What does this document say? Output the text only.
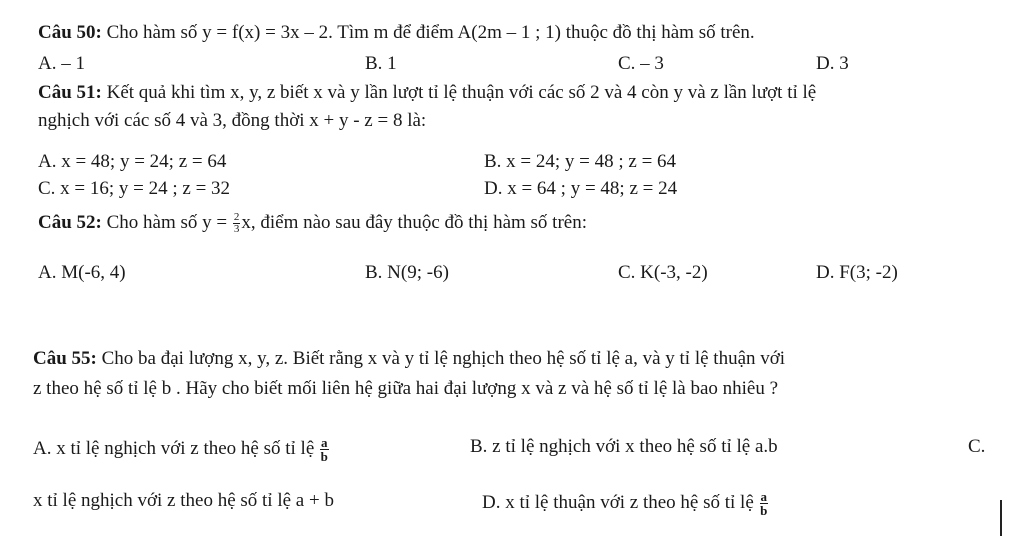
Câu 50: Cho hàm số y = f(x) = 3x – 2. Tìm m để điểm A(2m – 1 ; 1) thuộc đồ thị hàm số trên.
A. – 1	B. 1	C. – 3	D. 3
Câu 51: Kết quả khi tìm x, y, z biết x và y lần lượt tỉ lệ thuận với các số 2 và 4 còn y và z lần lượt tỉ lệ
nghịch với các số 4 và 3, đồng thời x + y - z = 8 là:
A. x = 48; y = 24; z = 64	B. x = 24; y = 48 ; z = 64
C. x = 16; y = 24 ; z = 32	D. x = 64 ; y = 48; z = 24
Câu 52: Cho hàm số $y = \frac{2}{3} x$, điểm nào sau đây thuộc đồ thị hàm số trên:
A. M(-6, 4)	B. N(9; -6)	C. K(-3, -2)	D. F(3; -2)
Câu 55: Cho ba đại lượng x, y, z. Biết rằng x và y tỉ lệ nghịch theo hệ số tỉ lệ a, và y tỉ lệ thuận với
z theo hệ số tỉ lệ b . Hãy cho biết mối liên hệ giữa hai đại lượng x và z và hệ số tỉ lệ là bao nhiêu ?
A. x tỉ lệ nghịch với z theo hệ số tỉ lệ $\frac{a}{b}$	B. z tỉ lệ nghịch với x theo hệ số tỉ lệ a.b	C.
x tỉ lệ nghịch với z theo hệ số tỉ lệ a + b	D. x tỉ lệ thuận với z theo hệ số tỉ lệ $\frac{a}{b}$
